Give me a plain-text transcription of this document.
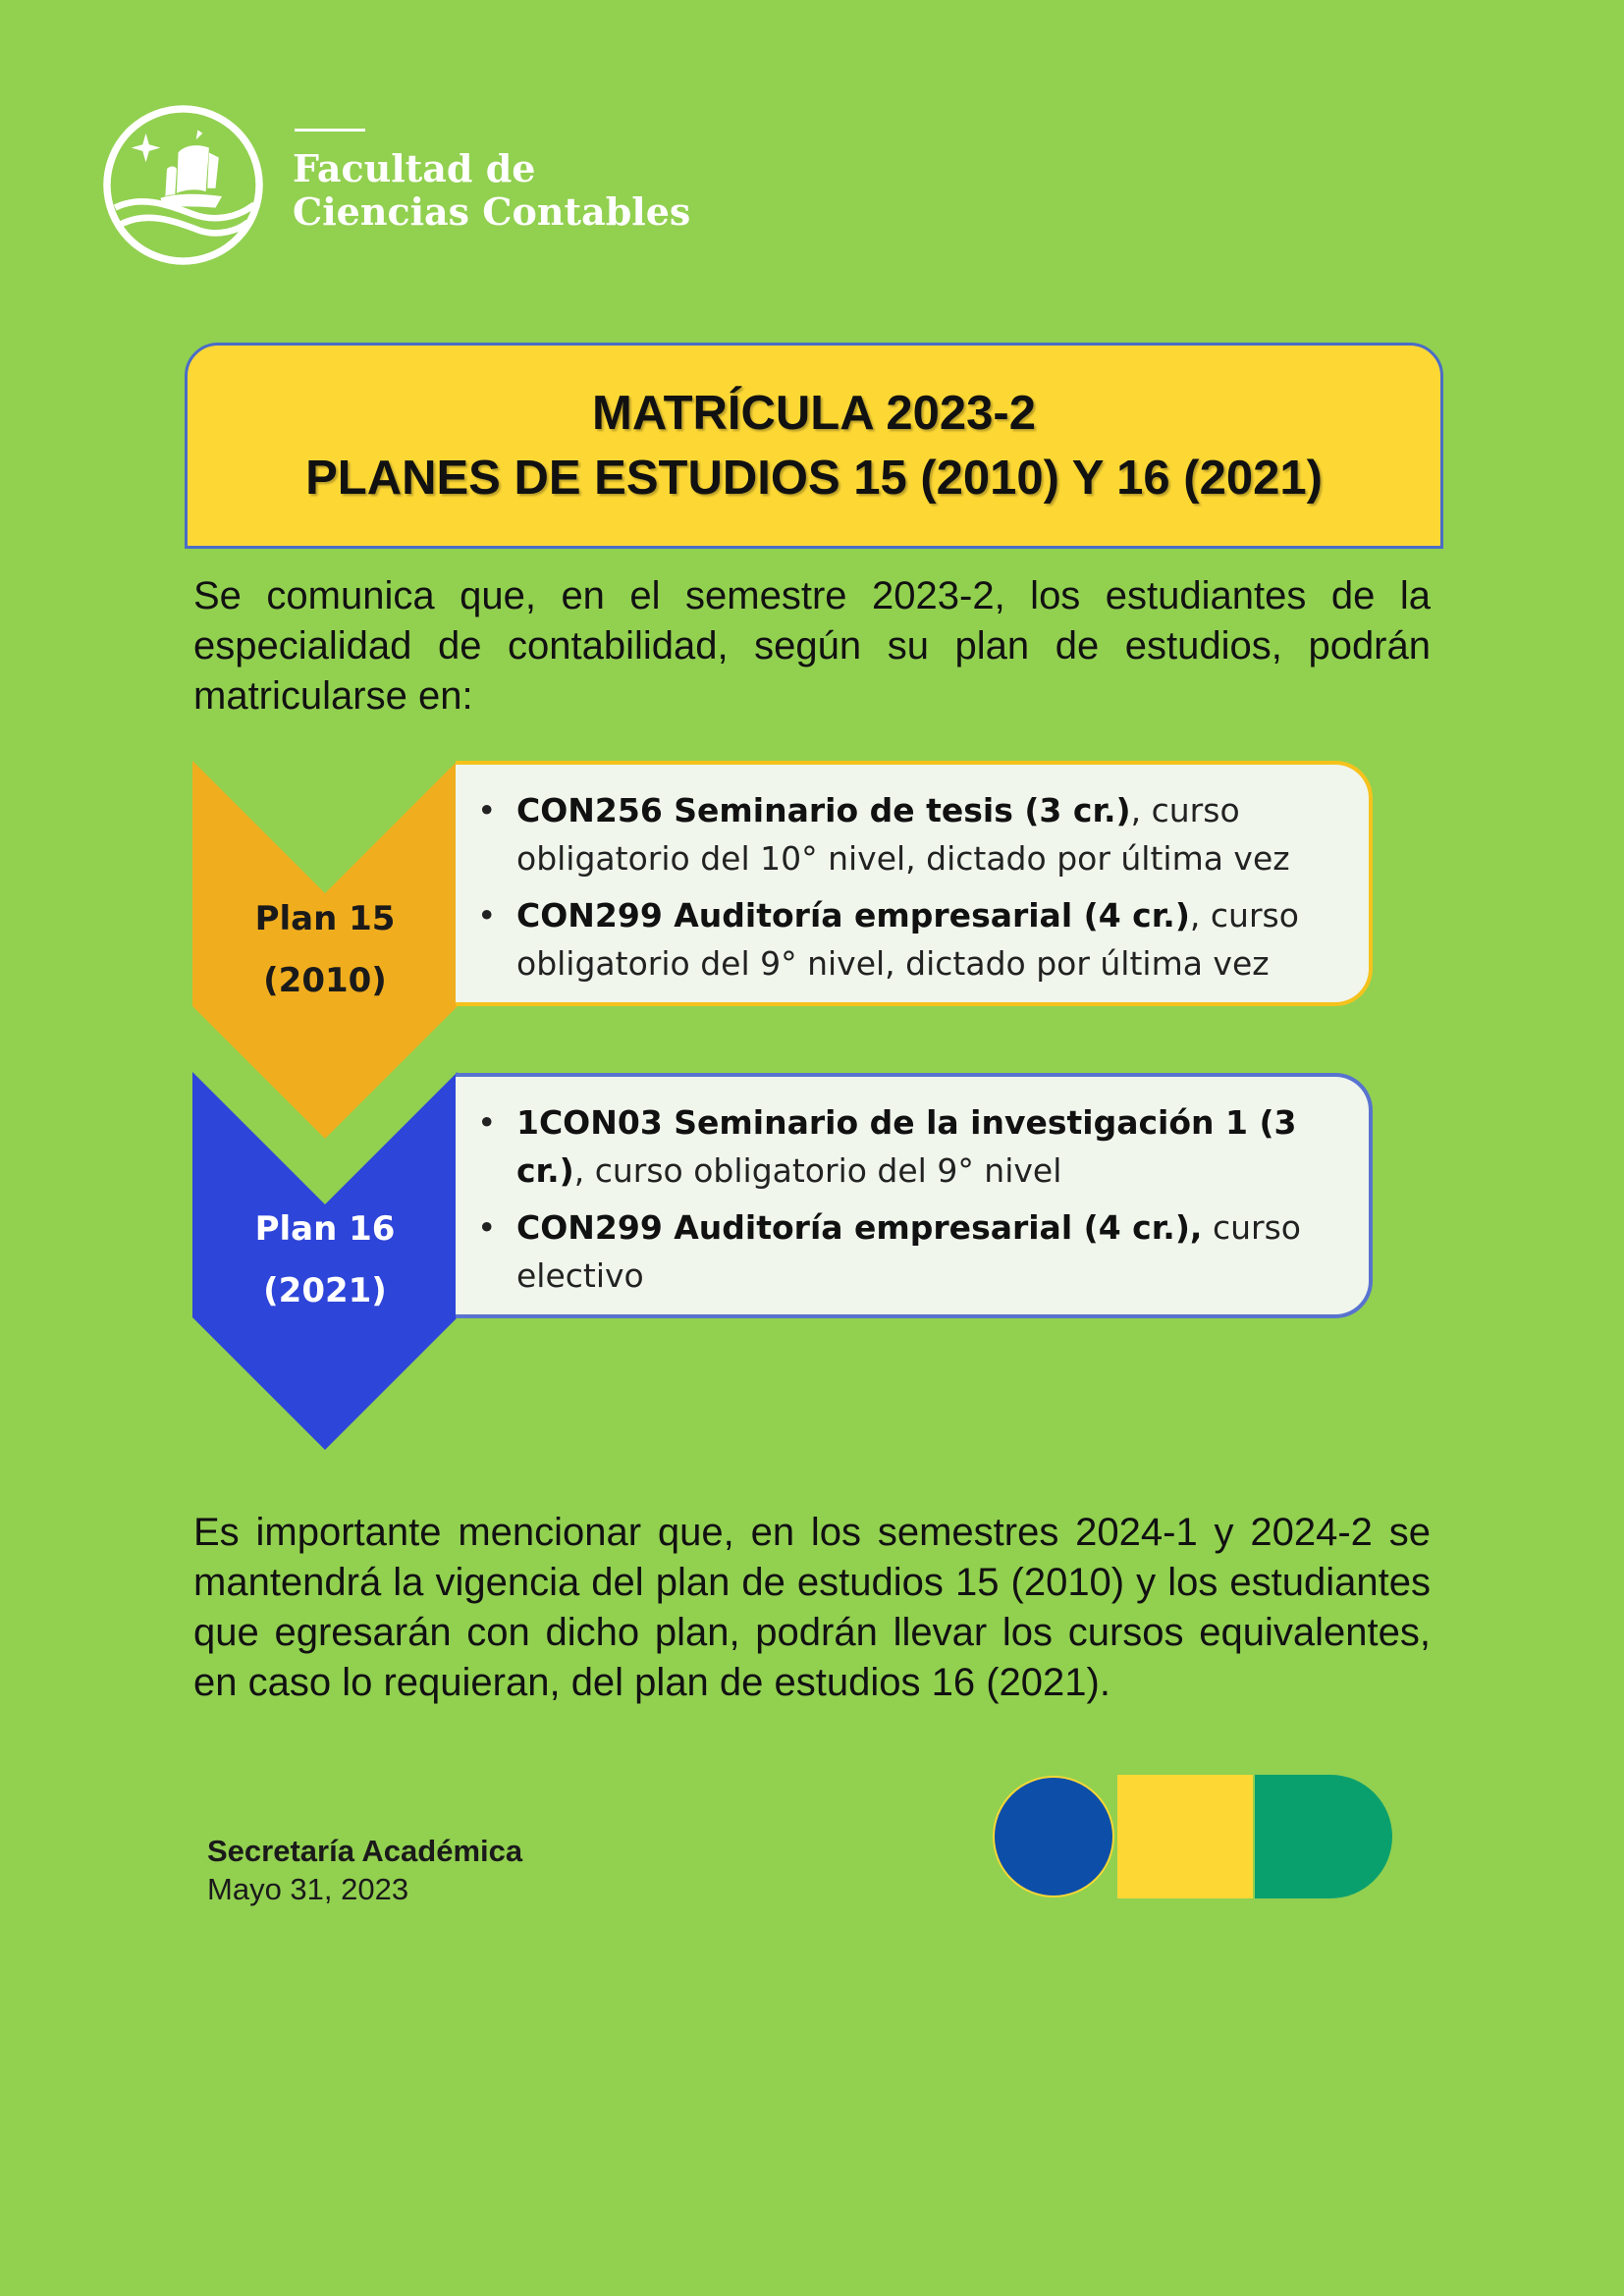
Facultad de
Ciencias Contables
MATRÍCULA 2023-2
PLANES DE ESTUDIOS 15 (2010) Y 16 (2021)

Se comunica que, en el semestre 2023-2, los estudiantes de la especialidad de contabilidad, según su plan de estudios, podrán matricularse en:

Plan 15
(2010)
• CON256 Seminario de tesis (3 cr.), curso obligatorio del 10° nivel, dictado por última vez
• CON299 Auditoría empresarial (4 cr.), curso obligatorio del 9° nivel, dictado por última vez
Plan 16
(2021)
• 1CON03 Seminario de la investigación 1 (3 cr.), curso obligatorio del 9° nivel
• CON299 Auditoría empresarial (4 cr.), curso electivo

Es importante mencionar que, en los semestres 2024-1 y 2024-2 se mantendrá la vigencia del plan de estudios 15 (2010) y los estudiantes que egresarán con dicho plan, podrán llevar los cursos equivalentes, en caso lo requieran, del plan de estudios 16 (2021).

Secretaría Académica
Mayo 31, 2023
